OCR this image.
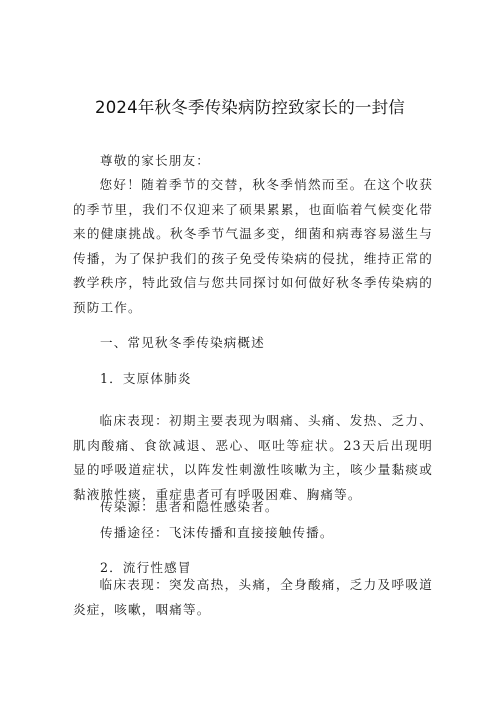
2024年秋冬季传染病防控致家长的一封信
尊敬的家长朋友：

您好！随着季节的交替，秋冬季悄然而至。在这个收获的季节里，我们不仅迎来了硕果累累，也面临着气候变化带来的健康挑战。秋冬季节气温多变，细菌和病毒容易滋生与传播，为了保护我们的孩子免受传染病的侵扰，维持正常的教学秩序，特此致信与您共同探讨如何做好秋冬季传染病的预防工作。

一、常见秋冬季传染病概述
1．支原体肺炎

临床表现：初期主要表现为咽痛、头痛、发热、乏力、肌肉酸痛、食欲减退、恶心、呕吐等症状。23天后出现明显的呼吸道症状，以阵发性刺激性咳嗽为主，咳少量黏痰或黏液脓性痰，重症患者可有呼吸困难、胸痛等。

传染源：患者和隐性感染者。
传播途径：飞沫传播和直接接触传播。
2．流行性感冒

临床表现：突发高热，头痛，全身酸痛，乏力及呼吸道炎症，咳嗽，咽痛等。
